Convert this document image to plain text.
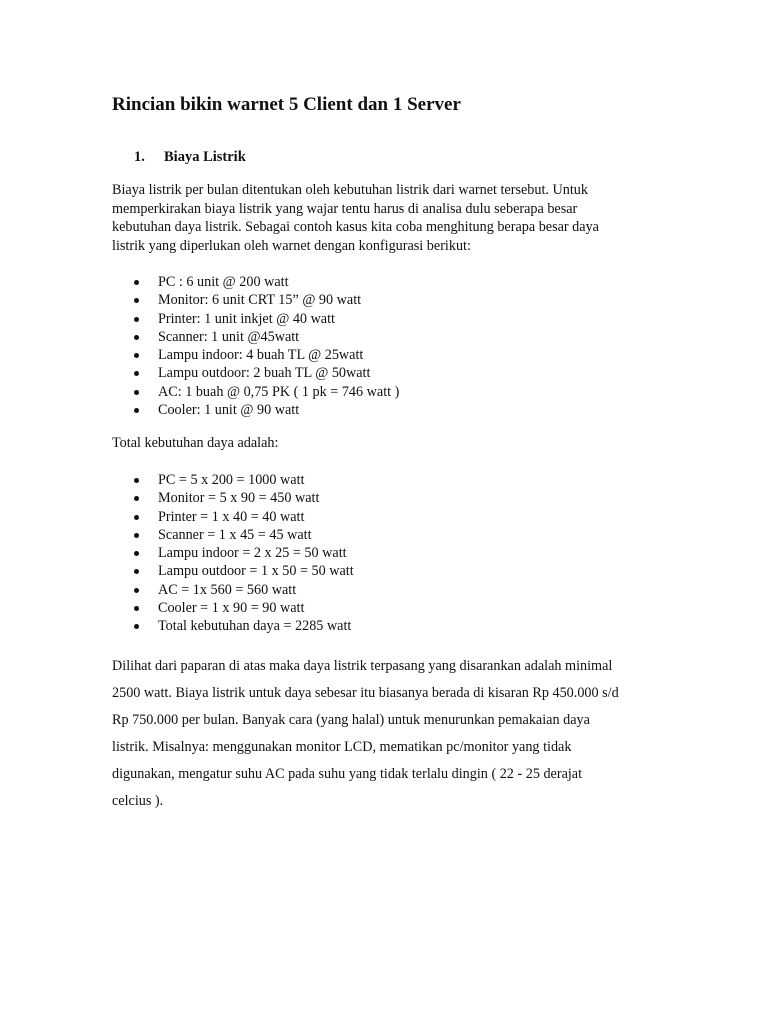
Rincian bikin warnet 5 Client dan 1 Server
1. Biaya Listrik

Biaya listrik per bulan ditentukan oleh kebutuhan listrik dari warnet tersebut. Untuk
memperkirakan biaya listrik yang wajar tentu harus di analisa dulu seberapa besar
kebutuhan daya listrik. Sebagai contoh kasus kita coba menghitung berapa besar daya
listrik yang diperlukan oleh warnet dengan konfigurasi berikut:

PC : 6 unit @ 200 watt
Monitor: 6 unit CRT 15” @ 90 watt
Printer: 1 unit inkjet @ 40 watt
Scanner: 1 unit @45watt
Lampu indoor: 4 buah TL @ 25watt
Lampu outdoor: 2 buah TL @ 50watt
AC: 1 buah @ 0,75 PK ( 1 pk = 746 watt )
Cooler: 1 unit @ 90 watt

Total kebutuhan daya adalah:

PC = 5 x 200 = 1000 watt
Monitor = 5 x 90 = 450 watt
Printer = 1 x 40 = 40 watt
Scanner = 1 x 45 = 45 watt
Lampu indoor = 2 x 25 = 50 watt
Lampu outdoor = 1 x 50 = 50 watt
AC = 1x 560 = 560 watt
Cooler = 1 x 90 = 90 watt
Total kebutuhan daya = 2285 watt

Dilihat dari paparan di atas maka daya listrik terpasang yang disarankan adalah minimal
2500 watt. Biaya listrik untuk daya sebesar itu biasanya berada di kisaran Rp 450.000 s/d
Rp 750.000 per bulan. Banyak cara (yang halal) untuk menurunkan pemakaian daya
listrik. Misalnya: menggunakan monitor LCD, mematikan pc/monitor yang tidak
digunakan, mengatur suhu AC pada suhu yang tidak terlalu dingin ( 22 - 25 derajat
celcius ).
